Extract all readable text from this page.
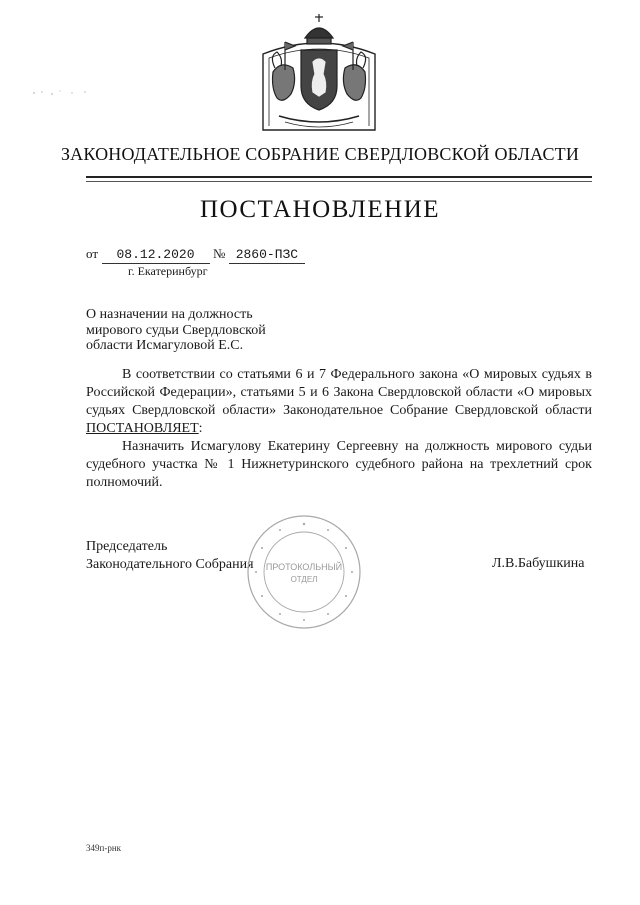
ЗАКОНОДАТЕЛЬНОЕ СОБРАНИЕ СВЕРДЛОВСКОЙ ОБЛАСТИ
ПОСТАНОВЛЕНИЕ
от 08.12.2020 № 2860-ПЗС
г. Екатеринбург
О назначении на должность
мирового судьи Свердловской
области Исмагуловой Е.С.

В соответствии со статьями 6 и 7 Федерального закона «О мировых судьях в Российской Федерации», статьями 5 и 6 Закона Свердловской области «О мировых судьях Свердловской области» Законодательное Собрание Свердловской области ПОСТАНОВЛЯЕТ:

Назначить Исмагулову Екатерину Сергеевну на должность мирового судьи судебного участка № 1 Нижнетуринского судебного района на трехлетний срок полномочий.

Председатель
Законодательного Собрания	Л.В.Бабушкина
ПРОТОКОЛЬНЫЙ
ОТДЕЛ
349п-рнк
